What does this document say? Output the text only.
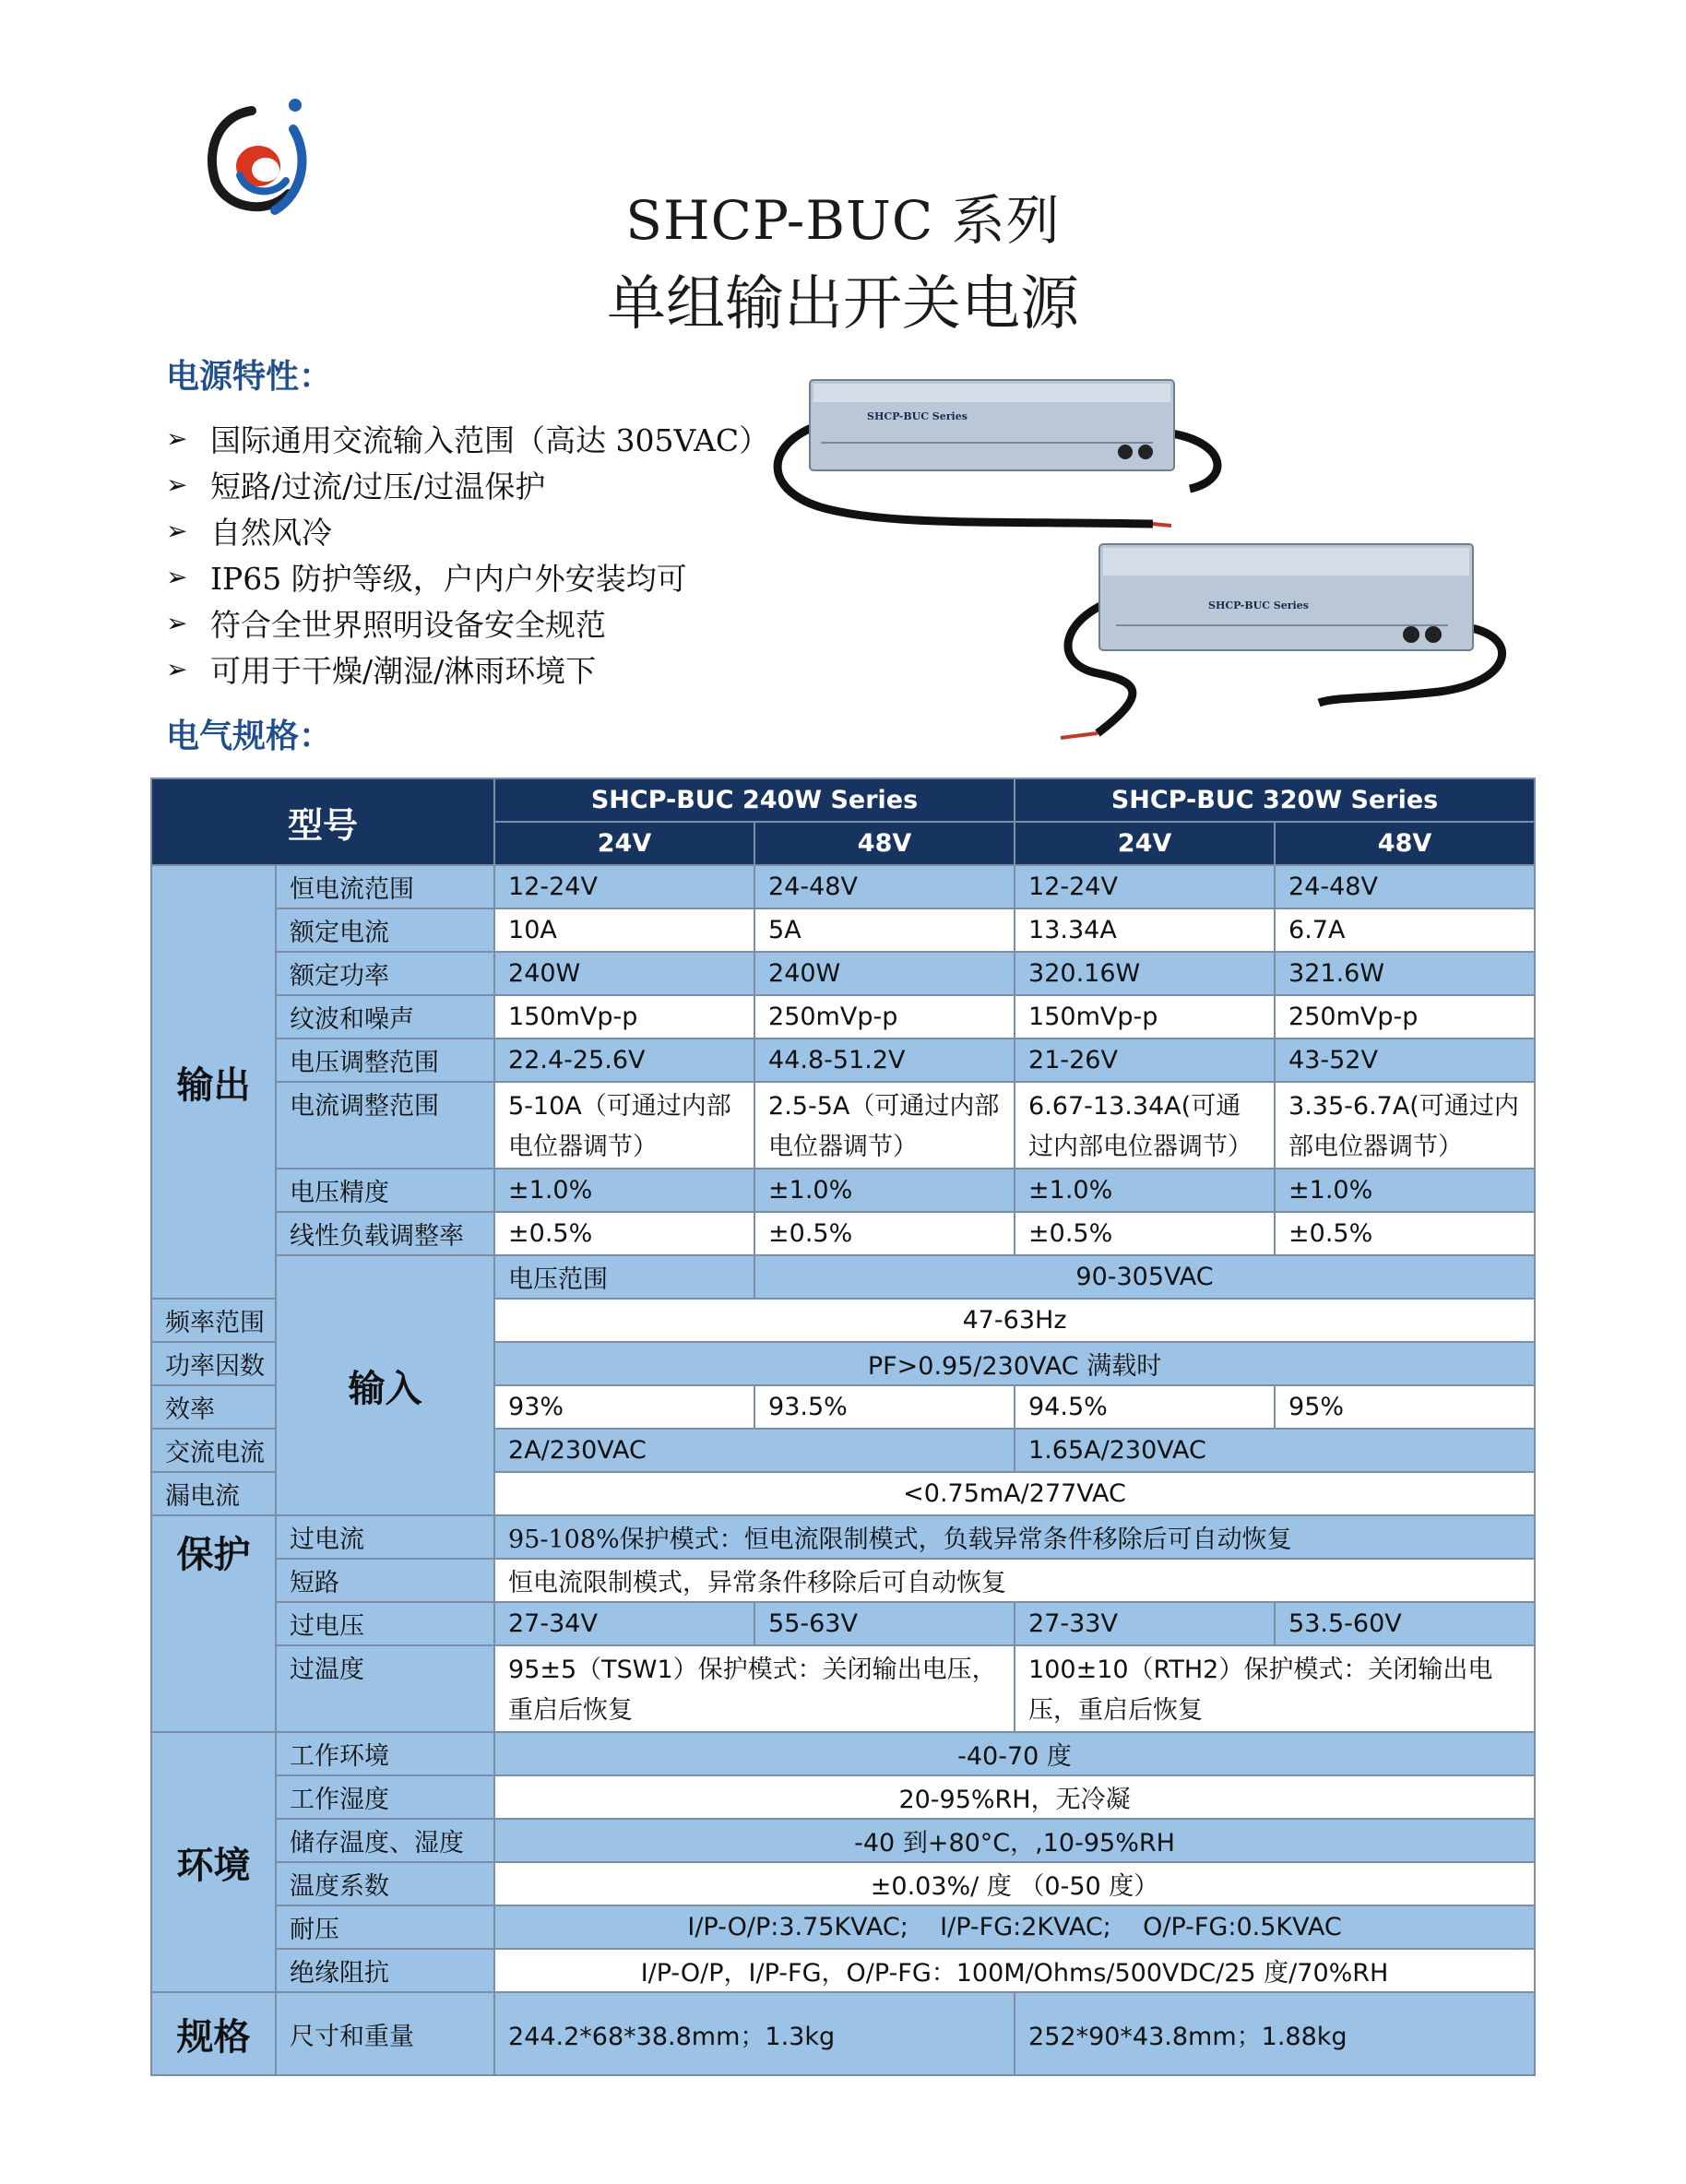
SHCP-BUC 系列
单组输出开关电源
电源特性：
➢ 国际通用交流输入范围（高达 305VAC）
➢ 短路/过流/过压/过温保护
➢ 自然风冷
➢ IP65 防护等级，户内户外安装均可
➢ 符合全世界照明设备安全规范
➢ 可用于干燥/潮湿/淋雨环境下
SHCP-BUC Series
SHCP-BUC Series
电气规格：
型号		SHCP-BUC 240W Series		SHCP-BUC 320W Series	
		24V	48V	24V	48V
输出	恒电流范围	12-24V	24-48V	12-24V	24-48V
	额定电流	10A	5A	13.34A	6.7A
	额定功率	240W	240W	320.16W	321.6W
	纹波和噪声	150mVp-p	250mVp-p	150mVp-p	250mVp-p
	电压调整范围	22.4-25.6V	44.8-51.2V	21-26V	43-52V
	电流调整范围	5-10A（可通过内部电位器调节）	2.5-5A（可通过内部电位器调节）	6.67-13.34A(可通过内部电位器调节）	3.35-6.7A(可通过内部电位器调节）
	电压精度	±1.0%	±1.0%	±1.0%	±1.0%
	线性负载调整率	±0.5%	±0.5%	±0.5%	±0.5%
	输入	电压范围	90-305VAC		
频率范围		47-63Hz			
功率因数		PF>0.95/230VAC 满载时			
效率		93%	93.5%	94.5%	95%
交流电流		2A/230VAC		1.65A/230VAC	
漏电流		<0.75mA/277VAC			
保护	过电流	95-108%保护模式：恒电流限制模式，负载异常条件移除后可自动恢复			
	短路	恒电流限制模式，异常条件移除后可自动恢复			
	过电压	27-34V	55-63V	27-33V	53.5-60V
	过温度	95±5（TSW1）保护模式：关闭输出电压，重启后恢复		100±10（RTH2）保护模式：关闭输出电压，重启后恢复	
环境	工作环境	-40-70 度			
	工作湿度	20-95%RH，无冷凝			
	储存温度、湿度	-40 到+80°C，,10-95%RH			
	温度系数	±0.03%/ 度 （0-50 度）			
	耐压	I/P-O/P:3.75KVAC;    I/P-FG:2KVAC;    O/P-FG:0.5KVAC			
	绝缘阻抗	I/P-O/P，I/P-FG，O/P-FG：100M/Ohms/500VDC/25 度/70%RH			
规格	尺寸和重量	244.2*68*38.8mm；1.3kg		252*90*43.8mm；1.88kg	
